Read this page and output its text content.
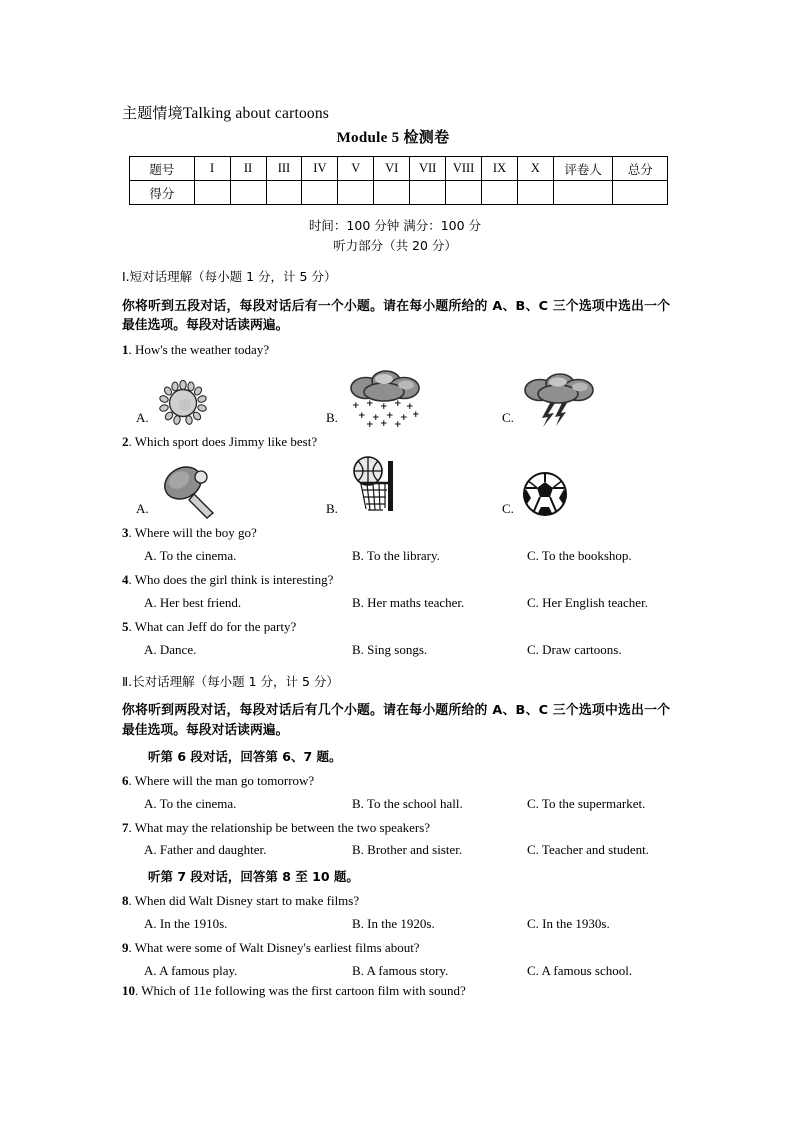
主题情境Talking about cartoons
Module 5 检测卷
题号	I	II	III	IV	V	VI	VII	VIII	IX	X	评卷人	总分
得分												
时间：100 分钟 满分：100 分
听力部分（共 20 分）
Ⅰ.短对话理解（每小题 1 分，计 5 分）
你将听到五段对话，每段对话后有一个小题。请在每小题所给的 A、B、C 三个选项中选出一个最佳选项。每段对话读两遍。
1. How's the weather today?
A.	B.
+ + + + +
+ + + + +
+ + +	C.
2. Which sport does Jimmy like best?
A.	B.	C.
3. Where will the boy go?
A. To the cinema.	B. To the library.	C. To the bookshop.
4. Who does the girl think is interesting?
A. Her best friend.	B. Her maths teacher.	C. Her English teacher.
5. What can Jeff do for the party?
A. Dance.	B. Sing songs.	C. Draw cartoons.
Ⅱ.长对话理解（每小题 1 分，计 5 分）
你将听到两段对话，每段对话后有几个小题。请在每小题所给的 A、B、C 三个选项中选出一个最佳选项。每段对话读两遍。
听第 6 段对话，回答第 6、7 题。
6. Where will the man go tomorrow?
A. To the cinema.	B. To the school hall.	C. To the supermarket.
7. What may the relationship be between the two speakers?
A. Father and daughter.	B. Brother and sister.	C. Teacher and student.
听第 7 段对话，回答第 8 至 10 题。
8. When did Walt Disney start to make films?
A. In the 1910s.	B. In the 1920s.	C. In the 1930s.
9. What were some of Walt Disney's earliest films about?
A. A famous play.	B. A famous story.	C. A famous school.
10. Which of 11e following was the first cartoon film with sound?
